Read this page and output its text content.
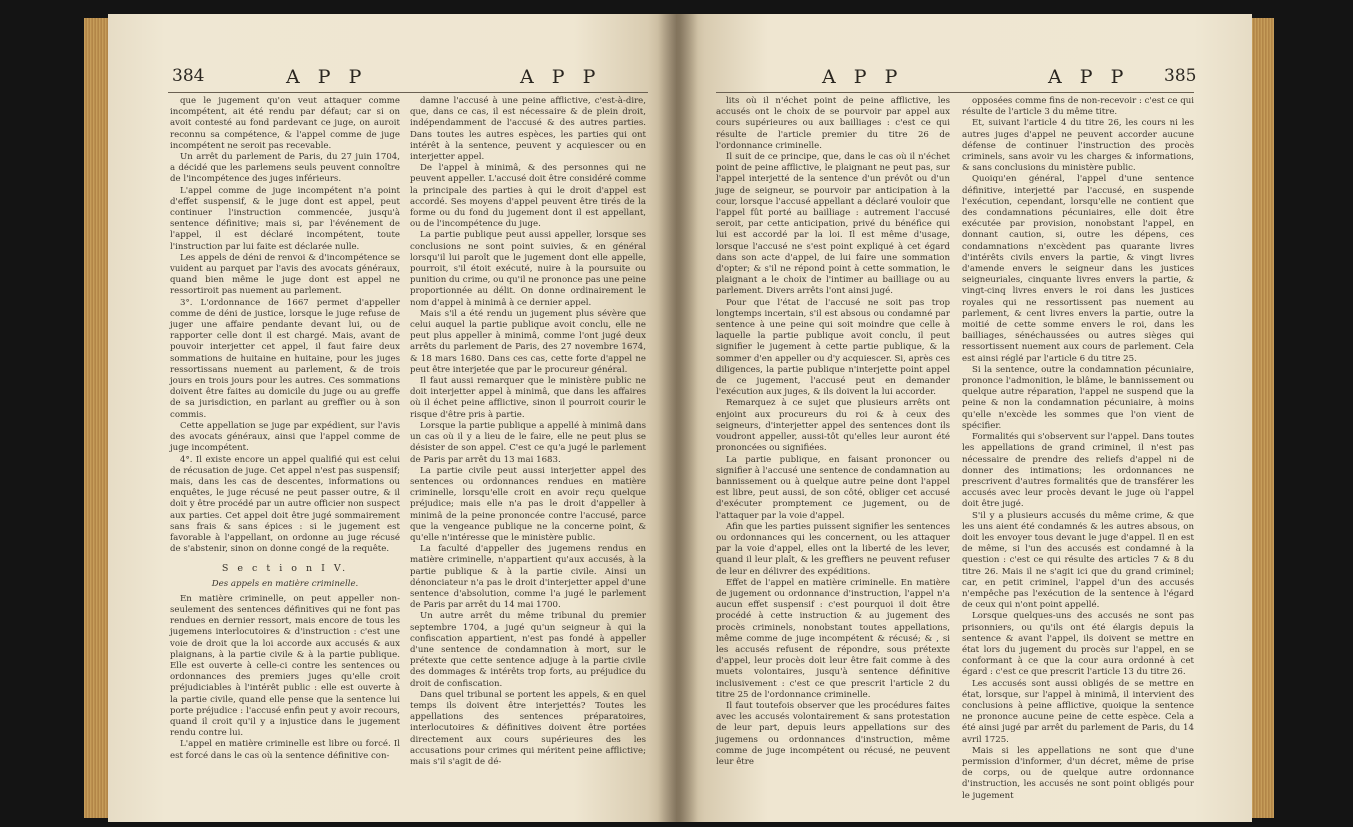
384	A P P	A P P

que le jugement qu'on veut attaquer comme incompétent, ait été rendu par défaut; car si on avoit contesté au fond pardevant ce juge, on auroit reconnu sa compétence, & l'appel comme de juge incompétent ne seroit pas recevable.

Un arrêt du parlement de Paris, du 27 juin 1704, a décidé que les parlemens seuls peuvent connoître de l'incompétence des juges inférieurs.

L'appel comme de juge incompétent n'a point d'effet suspensif, & le juge dont est appel, peut continuer l'instruction commencée, jusqu'à sentence définitive; mais si, par l'événement de l'appel, il est déclaré incompétent, toute l'instruction par lui faite est déclarée nulle.

Les appels de déni de renvoi & d'incompétence se vuident au parquet par l'avis des avocats généraux, quand bien même le juge dont est appel ne ressortiroit pas nuement au parlement.

3°. L'ordonnance de 1667 permet d'appeller comme de déni de justice, lorsque le juge refuse de juger une affaire pendante devant lui, ou de rapporter celle dont il est chargé. Mais, avant de pouvoir interjetter cet appel, il faut faire deux sommations de huitaine en huitaine, pour les juges ressortissans nuement au parlement, & de trois jours en trois jours pour les autres. Ces sommations doivent être faites au domicile du juge ou au greffe de sa jurisdiction, en parlant au greffier ou à son commis.

Cette appellation se juge par expédient, sur l'avis des avocats généraux, ainsi que l'appel comme de juge incompétent.

4°. Il existe encore un appel qualifié qui est celui de récusation de juge. Cet appel n'est pas suspensif; mais, dans les cas de descentes, informations ou enquêtes, le juge récusé ne peut passer outre, & il doit y être procédé par un autre officier non suspect aux parties. Cet appel doit être jugé sommairement sans frais & sans épices : si le jugement est favorable à l'appellant, on ordonne au juge récusé de s'abstenir, sinon on donne congé de la requête.

S e c t i o n I V.
Des appels en matière criminelle.

En matière criminelle, on peut appeller non-seulement des sentences définitives qui ne font pas rendues en dernier ressort, mais encore de tous les jugemens interlocutoires & d'instruction : c'est une voie de droit que la loi accorde aux accusés & aux plaignans, à la partie civile & à la partie publique. Elle est ouverte à celle-ci contre les sentences ou ordonnances des premiers juges qu'elle croit préjudiciables à l'intérêt public : elle est ouverte à la partie civile, quand elle pense que la sentence lui porte préjudice : l'accusé enfin peut y avoir recours, quand il croit qu'il y a injustice dans le jugement rendu contre lui.

L'appel en matière criminelle est libre ou forcé. Il est forcé dans le cas où la sentence définitive con-

damne l'accusé à une peine afflictive, c'est-à-dire, que, dans ce cas, il est nécessaire & de plein droit, indépendamment de l'accusé & des autres parties. Dans toutes les autres espèces, les parties qui ont intérêt à la sentence, peuvent y acquiescer ou en interjetter appel.

De l'appel à minimâ, & des personnes qui ne peuvent appeller. L'accusé doit être considéré comme la principale des parties à qui le droit d'appel est accordé. Ses moyens d'appel peuvent être tirés de la forme ou du fond du jugement dont il est appellant, ou de l'incompétence du juge.

La partie publique peut aussi appeller, lorsque ses conclusions ne sont point suivies, & en général lorsqu'il lui paroît que le jugement dont elle appelle, pourroit, s'il étoit exécuté, nuire à la poursuite ou punition du crime, ou qu'il ne prononce pas une peine proportionnée au délit. On donne ordinairement le nom d'appel à minimâ à ce dernier appel.

Mais s'il a été rendu un jugement plus sévère que celui auquel la partie publique avoit conclu, elle ne peut plus appeller à minimâ, comme l'ont jugé deux arrêts du parlement de Paris, des 27 novembre 1674, & 18 mars 1680. Dans ces cas, cette forte d'appel ne peut être interjetée que par le procureur général.

Il faut aussi remarquer que le ministère public ne doit interjetter appel à minimâ, que dans les affaires où il échet peine afflictive, sinon il pourroit courir le risque d'être pris à partie.

Lorsque la partie publique a appellé à minimâ dans un cas où il y a lieu de le faire, elle ne peut plus se désister de son appel. C'est ce qu'a jugé le parlement de Paris par arrêt du 13 mai 1683.

La partie civile peut aussi interjetter appel des sentences ou ordonnances rendues en matière criminelle, lorsqu'elle croit en avoir reçu quelque préjudice; mais elle n'a pas le droit d'appeller à minimâ de la peine prononcée contre l'accusé, parce que la vengeance publique ne la concerne point, & qu'elle n'intéresse que le ministère public.

La faculté d'appeller des jugemens rendus en matière criminelle, n'appartient qu'aux accusés, à la partie publique & à la partie civile. Ainsi un dénonciateur n'a pas le droit d'interjetter appel d'une sentence d'absolution, comme l'a jugé le parlement de Paris par arrêt du 14 mai 1700.

Un autre arrêt du même tribunal du premier septembre 1704, a jugé qu'un seigneur à qui la confiscation appartient, n'est pas fondé à appeller d'une sentence de condamnation à mort, sur le prétexte que cette sentence adjuge à la partie civile des dommages & intérêts trop forts, au préjudice du droit de confiscation.

Dans quel tribunal se portent les appels, & en quel temps ils doivent être interjettés? Toutes les appellations des sentences préparatoires, interlocutoires & définitives doivent être portées directement aux cours supérieures des les accusations pour crimes qui méritent peine afflictive; mais s'il s'agit de dé-

A P P	A P P 385

lits où il n'échet point de peine afflictive, les accusés ont le choix de se pourvoir par appel aux cours supérieures ou aux bailliages : c'est ce qui résulte de l'article premier du titre 26 de l'ordonnance criminelle.

Il suit de ce principe, que, dans le cas où il n'échet point de peine afflictive, le plaignant ne peut pas, sur l'appel interjetté de la sentence d'un prévôt ou d'un juge de seigneur, se pourvoir par anticipation à la cour, lorsque l'accusé appellant a déclaré vouloir que l'appel fût porté au bailliage : autrement l'accusé seroit, par cette anticipation, privé du bénéfice qui lui est accordé par la loi. Il est même d'usage, lorsque l'accusé ne s'est point expliqué à cet égard dans son acte d'appel, de lui faire une sommation d'opter; & s'il ne répond point à cette sommation, le plaignant a le choix de l'intimer au bailliage ou au parlement. Divers arrêts l'ont ainsi jugé.

Pour que l'état de l'accusé ne soit pas trop longtemps incertain, s'il est absous ou condamné par sentence à une peine qui soit moindre que celle à laquelle la partie publique avoit conclu, il peut signifier le jugement à cette partie publique, & la sommer d'en appeller ou d'y acquiescer. Si, après ces diligences, la partie publique n'interjette point appel de ce jugement, l'accusé peut en demander l'exécution aux juges, & ils doivent la lui accorder.

Remarquez à ce sujet que plusieurs arrêts ont enjoint aux procureurs du roi & à ceux des seigneurs, d'interjetter appel des sentences dont ils voudront appeller, aussi-tôt qu'elles leur auront été prononcées ou signifiées.

La partie publique, en faisant prononcer ou signifier à l'accusé une sentence de condamnation au bannissement ou à quelque autre peine dont l'appel est libre, peut aussi, de son côté, obliger cet accusé d'exécuter promptement ce jugement, ou de l'attaquer par la voie d'appel.

Afin que les parties puissent signifier les sentences ou ordonnances qui les concernent, ou les attaquer par la voie d'appel, elles ont la liberté de les lever, quand il leur plaît, & les greffiers ne peuvent refuser de leur en délivrer des expéditions.

Effet de l'appel en matière criminelle. En matière de jugement ou ordonnance d'instruction, l'appel n'a aucun effet suspensif : c'est pourquoi il doit être procédé à cette instruction & au jugement des procès criminels, nonobstant toutes appellations, même comme de juge incompétent & récusé; & , si les accusés refusent de répondre, sous prétexte d'appel, leur procès doit leur être fait comme à des muets volontaires, jusqu'à sentence définitive inclusivement : c'est ce que prescrit l'article 2 du titre 25 de l'ordonnance criminelle.

Il faut toutefois observer que les procédures faites avec les accusés volontairement & sans protestation de leur part, depuis leurs appellations sur des jugemens ou ordonnances d'instruction, même comme de juge incompétent ou récusé, ne peuvent leur être

opposées comme fins de non-recevoir : c'est ce qui résulte de l'article 3 du même titre.

Et, suivant l'article 4 du titre 26, les cours ni les autres juges d'appel ne peuvent accorder aucune défense de continuer l'instruction des procès criminels, sans avoir vu les charges & informations, & sans conclusions du ministère public.

Quoiqu'en général, l'appel d'une sentence définitive, interjetté par l'accusé, en suspende l'exécution, cependant, lorsqu'elle ne contient que des condamnations pécuniaires, elle doit être exécutée par provision, nonobstant l'appel, en donnant caution, si, outre les dépens, ces condamnations n'excèdent pas quarante livres d'intérêts civils envers la partie, & vingt livres d'amende envers le seigneur dans les justices seigneuriales, cinquante livres envers la partie, & vingt-cinq livres envers le roi dans les justices royales qui ne ressortissent pas nuement au parlement, & cent livres envers la partie, outre la moitié de cette somme envers le roi, dans les bailliages, sénéchaussées ou autres sièges qui ressortissent nuement aux cours de parlement. Cela est ainsi réglé par l'article 6 du titre 25.

Si la sentence, outre la condamnation pécuniaire, prononce l'admonition, le blâme, le bannissement ou quelque autre réparation, l'appel ne suspend que la peine & non la condamnation pécuniaire, à moins qu'elle n'excède les sommes que l'on vient de spécifier.

Formalités qui s'observent sur l'appel. Dans toutes les appellations de grand criminel, il n'est pas nécessaire de prendre des reliefs d'appel ni de donner des intimations; les ordonnances ne prescrivent d'autres formalités que de transférer les accusés avec leur procès devant le juge où l'appel doit être jugé.

S'il y a plusieurs accusés du même crime, & que les uns aient été condamnés & les autres absous, on doit les envoyer tous devant le juge d'appel. Il en est de même, si l'un des accusés est condamné à la question : c'est ce qui résulte des articles 7 & 8 du titre 26. Mais il ne s'agit ici que du grand criminel; car, en petit criminel, l'appel d'un des accusés n'empêche pas l'exécution de la sentence à l'égard de ceux qui n'ont point appellé.

Lorsque quelques-uns des accusés ne sont pas prisonniers, ou qu'ils ont été élargis depuis la sentence & avant l'appel, ils doivent se mettre en état lors du jugement du procès sur l'appel, en se conformant à ce que la cour aura ordonné à cet égard : c'est ce que prescrit l'article 13 du titre 26.

Les accusés sont aussi obligés de se mettre en état, lorsque, sur l'appel à minimâ, il intervient des conclusions à peine afflictive, quoique la sentence ne prononce aucune peine de cette espèce. Cela a été ainsi jugé par arrêt du parlement de Paris, du 14 avril 1725.

Mais si les appellations ne sont que d'une permission d'informer, d'un décret, même de prise de corps, ou de quelque autre ordonnance d'instruction, les accusés ne sont point obligés pour le jugement
